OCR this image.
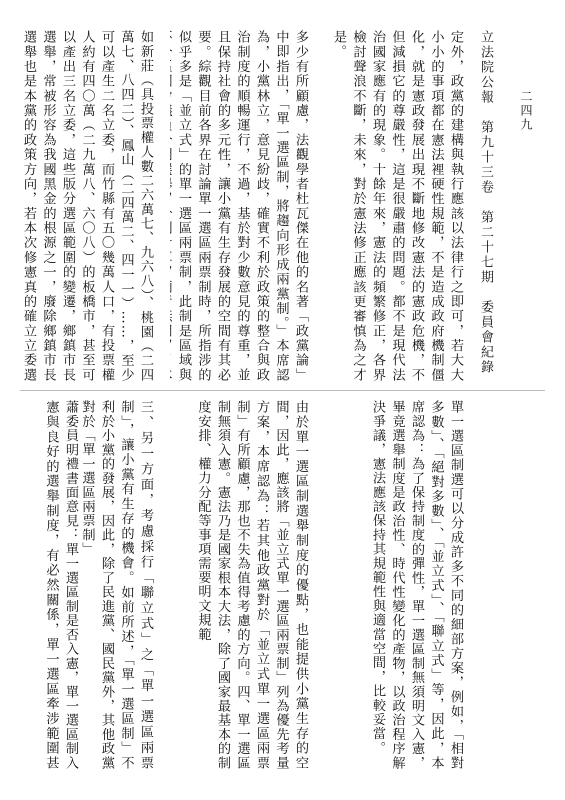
立法院公報　第九十三卷　第二十七期　委員會紀錄 二四九
定外，政黨的建構與執行應該以法律行之即可，若大大小小的事項都在憲法裡硬性規範，不是造成政府機制僵化，就是憲政發展出現不斷地修改憲法的憲政危機，不但減損它的尊嚴性，這是很嚴肅的問題。都不是現代法治國家應有的現象。十餘年來，憲法的頻繁修正，各界檢討聲浪不斷，未來，對於憲法修正應該更審慎為之才是。
多少有所顧慮，法觀學者杜瓦傑在他的名著「政黨論」中即指出，「單一選區制，將趨向形成兩黨制。」本席認為，小黨林立，意見紛歧，確實不利於政策的整合與政治制度的順暢運行，不過，基於對少數意見的尊重，並且保持社會的多元性，讓小黨有生存發展的空間有其必要。綜觀目前各界在討論單一選區兩票制時，所指涉的似乎多是「並立式」的單一選區兩票制，此制是區域與
如新莊（具投票權人數二六萬七、九六八）、桃園（二四萬七、八四二）、鳳山（二四萬二、四一一）……，至少可以產生二名立委，而竹縣有五〇幾萬人口，有投票權人約有四〇萬（二九萬八、六〇八）的板橋市，甚至可以產出三名立委，這些版分選區範圍的變遷，鄉鎮市長選舉，常被形容為我國黑金的根源之一，廢除鄉鎮市長選舉也是本黨的政策方向，若本次修憲真的確立立委選
單一選區制選可以分成許多不同的細部方案，例如，「相對多數」、「絕對多數」、「並立式」、「聯立式」等，因此，本席認為：為了保持制度的彈性，單一選區制無須明文入憲，畢竟選舉制度是政治性、時代性變化的產物，以政治程序解決爭議，憲法應該保持其規範性與適當空間，比較妥當。
由於單一選區制選舉制度的優點，也能提供小黨生存的空間，因此，應該將「並立式單一選區兩票制」列為優先考量方案，本席認為：若其他政黨對於「並立式單一選區兩票制」有所顧慮，那也不失為值得考慮的方向。四、單一選區制無須入憲。憲法乃是國家根本大法，除了國家最基本的制度安排、權力分配等事項需要明文規範
三、另一方面，考慮採行「聯立式」之「單一選區兩票制」，讓小黨有生存的機會。如前所述，「單一選區制」不利於小黨的發展，因此，除了民進黨、國民黨外，其他政黨對於「單一選區兩票制」
蕭委員明禮書面意見：單一選區制是否入憲，單一選區制入憲與良好的選舉制度，有必然關係，單一選區牽涉範圍甚
